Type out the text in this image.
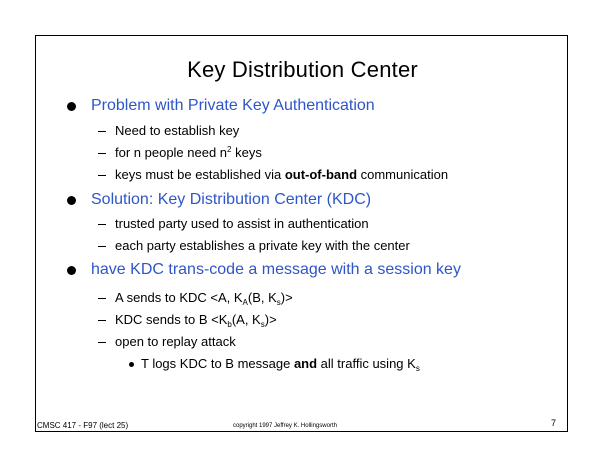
Key Distribution Center
Problem with Private Key Authentication
Need to establish key
for n people need $n^2$ keys
keys must be established via out-of-band communication
Solution: Key Distribution Center (KDC)
trusted party used to assist in authentication
each party establishes a private key with the center
have KDC trans-code a message with a session key
A sends to KDC <A, $K_A(B$, $K_s)>$
KDC sends to $B <K_b(A$, $K_s)>$
open to replay attack
T logs KDC to B message and all traffic using $K_s$
CMSC 417 - F97 (lect 25)	copyright 1997 Jeffrey K. Hollingsworth	7
